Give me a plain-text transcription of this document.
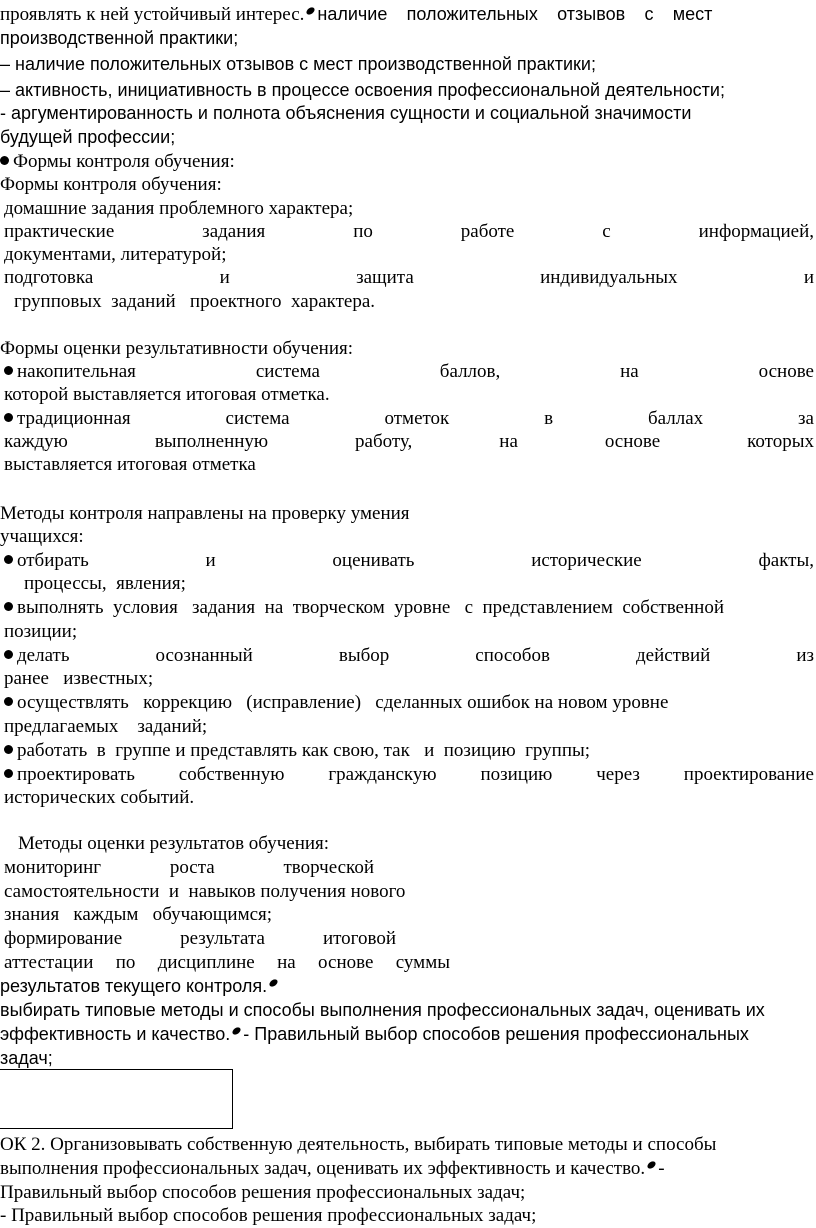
проявлять к ней устойчивый интерес. наличие положительных отзывов с мест
производственной практики;
– наличие положительных отзывов с мест производственной практики;
– активность, инициативность в процессе освоения профессиональной деятельности;
- аргументированность и полнота объяснения сущности и социальной значимости
будущей профессии;
Формы контроля обучения:
Формы контроля обучения:
домашние задания проблемного характера;
практические задания по работе с информацией,
документами, литературой;
подготовка и защита индивидуальных и
групповых  заданий   проектного  характера.
Формы оценки результативности обучения:
накопительная система баллов, на основе
которой выставляется итоговая отметка.
традиционная система отметок в баллах за
каждую выполненную работу, на основе которых
выставляется итоговая отметка
Методы контроля направлены на проверку умения
учащихся:
отбирать и оценивать исторические факты,
процессы,  явления;
выполнять  условия   задания  на  творческом  уровне   с  представлением  собственной
позиции;
делать осознанный выбор способов действий из
ранее   известных;
осуществлять   коррекцию   (исправление)   сделанных ошибок на новом уровне
предлагаемых    заданий;
работать  в  группе и представлять как свою, так   и  позицию  группы;
проектировать собственную гражданскую позицию через проектирование
исторических событий.
Методы оценки результатов обучения:
мониторинг роста творческой
самостоятельности  и  навыков получения нового
знания   каждым   обучающимся;
формирование результата итоговой
аттестации по дисциплине на основе суммы
результатов текущего контроля.
выбирать типовые методы и способы выполнения профессиональных задач, оценивать их
эффективность и качество. - Правильный выбор способов решения профессиональных
задач;
ОК 2. Организовывать собственную деятельность, выбирать типовые методы и способы
выполнения профессиональных задач, оценивать их эффективность и качество. -
Правильный выбор способов решения профессиональных задач;
- Правильный выбор способов решения профессиональных задач;
